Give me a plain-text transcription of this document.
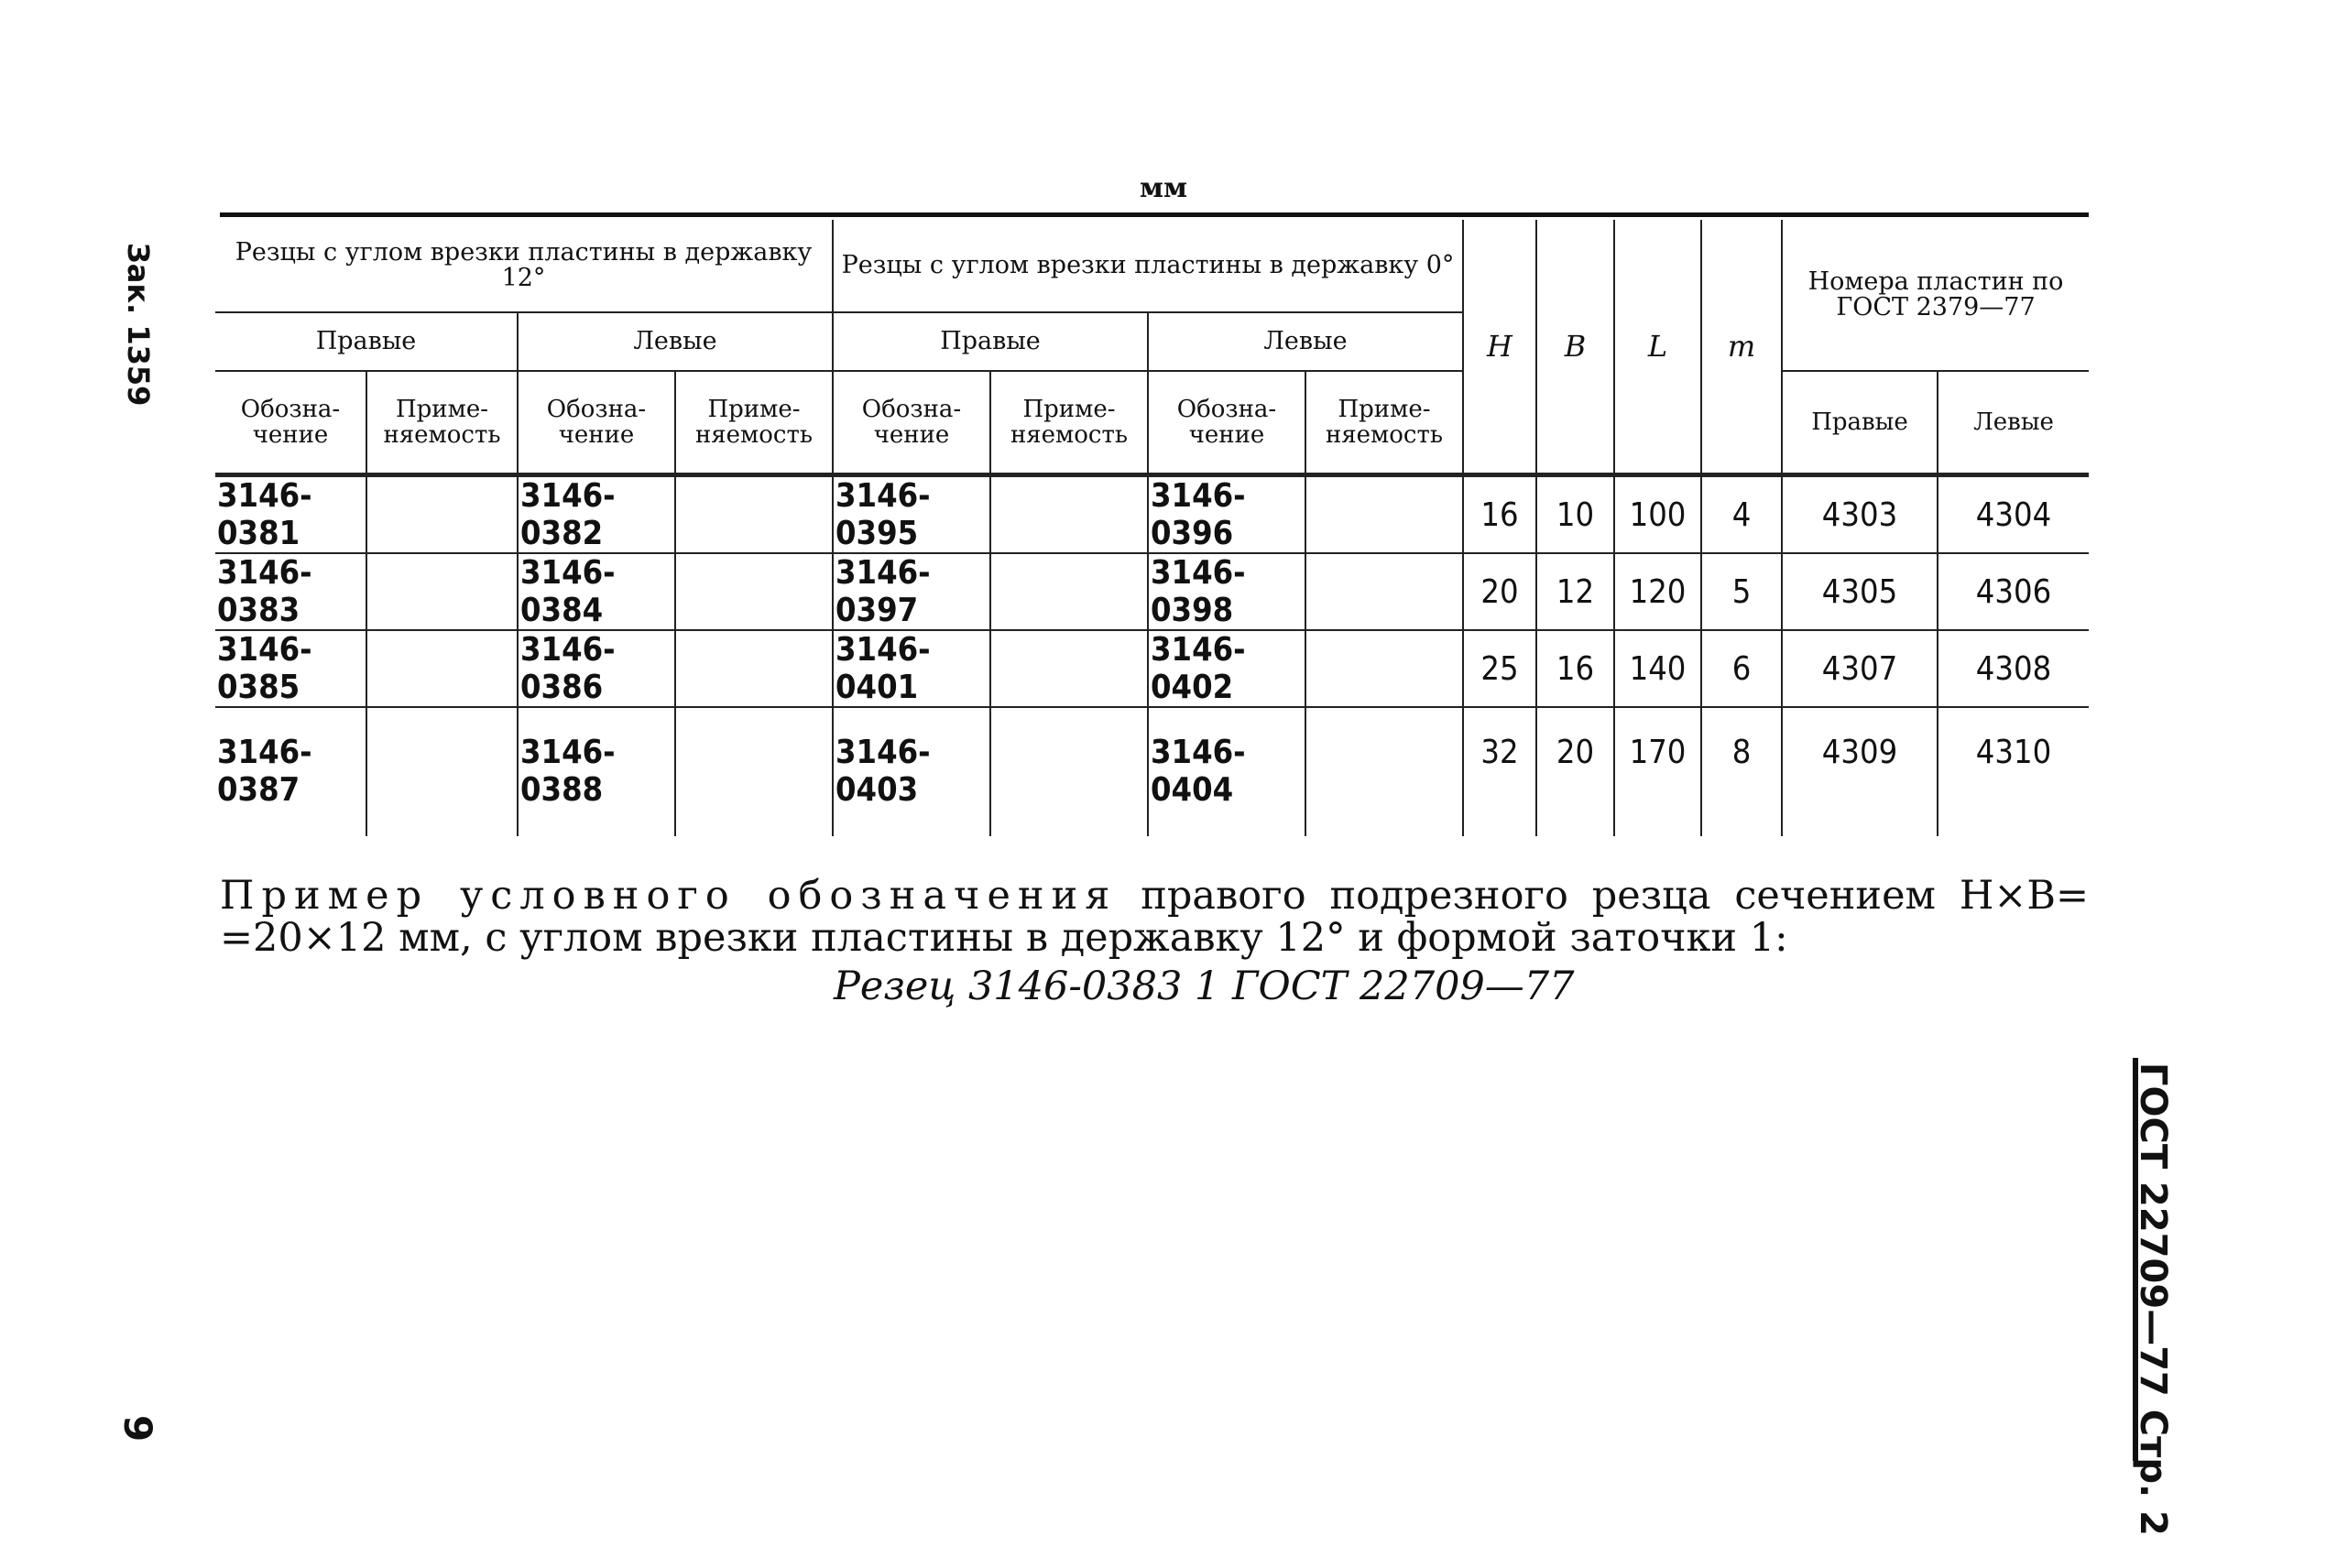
мм
Резцы с углом врезки пластины в державку 12°				Резцы с углом врезки пластины в державку 0°				H	B	L	m	Номера пластин по ГОСТ 2379—77	
Правые		Левые		Правые		Левые							
Обозна-чение	Приме-няемость	Обозна-чение	Приме-няемость	Обозна-чение	Приме-няемость	Обозна-чение	Приме-няемость					Правые	Левые
3146-0381		3146-0382		3146-0395		3146-0396		16	10	100	4	4303	4304
3146-0383		3146-0384		3146-0397		3146-0398		20	12	120	5	4305	4306
3146-0385		3146-0386		3146-0401		3146-0402		25	16	140	6	4307	4308
3146-0387		3146-0388		3146-0403		3146-0404		32	20	170	8	4309	4310
Пример условного обозначения правого подрезного резца сечением H×B= =20×12 мм, с углом врезки пластины в державку 12° и формой заточки 1:
Резец 3146-0383 1 ГОСТ 22709—77
Зак. 1359
9	ГОСТ 22709—77 Стр. 2
